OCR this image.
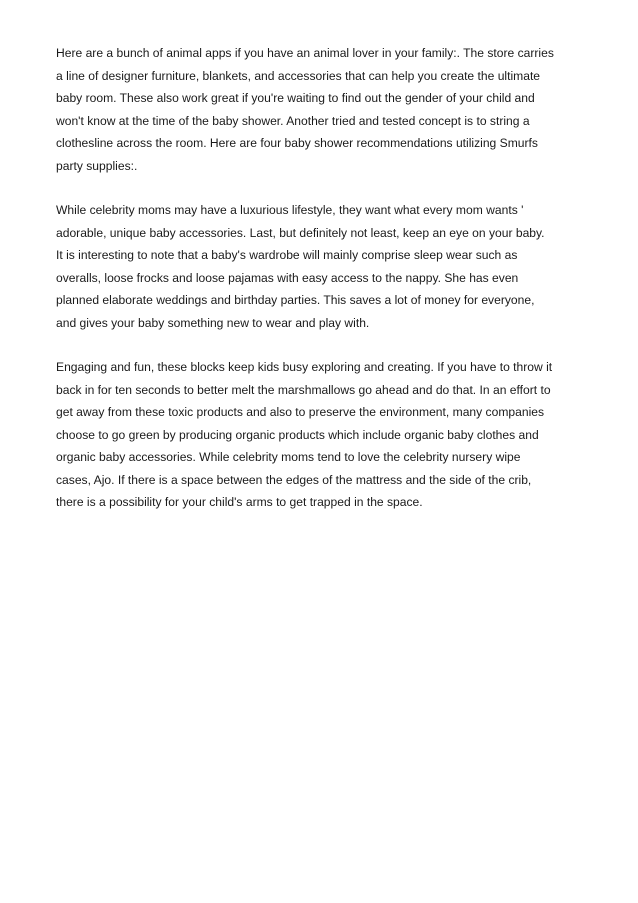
Here are a bunch of animal apps if you have an animal lover in your family:. The store carries
a line of designer furniture, blankets, and accessories that can help you create the ultimate
baby room. These also work great if you're waiting to find out the gender of your child and
won't know at the time of the baby shower. Another tried and tested concept is to string a
clothesline across the room. Here are four baby shower recommendations utilizing Smurfs
party supplies:.

While celebrity moms may have a luxurious lifestyle, they want what every mom wants '
adorable, unique baby accessories. Last, but definitely not least, keep an eye on your baby.
It is interesting to note that a baby's wardrobe will mainly comprise sleep wear such as
overalls, loose frocks and loose pajamas with easy access to the nappy. She has even
planned elaborate weddings and birthday parties. This saves a lot of money for everyone,
and gives your baby something new to wear and play with.

Engaging and fun, these blocks keep kids busy exploring and creating. If you have to throw it
back in for ten seconds to better melt the marshmallows go ahead and do that. In an effort to
get away from these toxic products and also to preserve the environment, many companies
choose to go green by producing organic products which include organic baby clothes and
organic baby accessories. While celebrity moms tend to love the celebrity nursery wipe
cases, Ajo. If there is a space between the edges of the mattress and the side of the crib,
there is a possibility for your child's arms to get trapped in the space.
